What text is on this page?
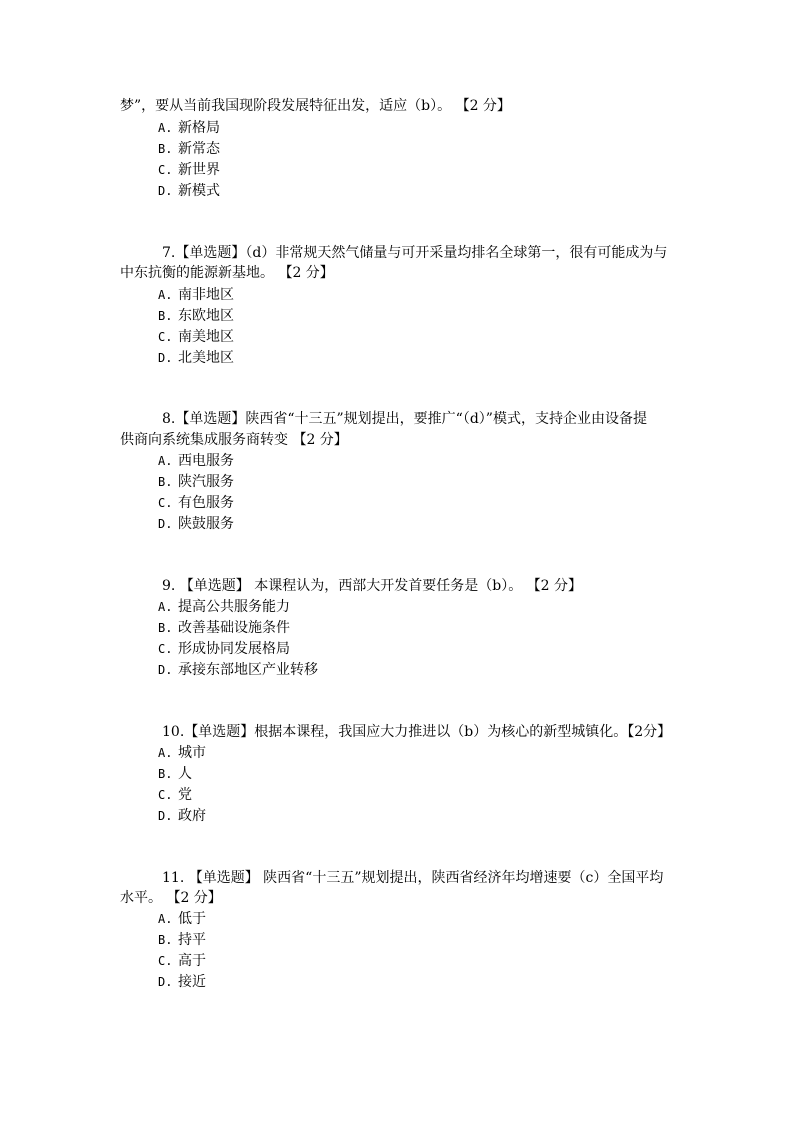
梦”，要从当前我国现阶段发展特征出发，适应（b）。 【2 分】
A. 新格局
B. 新常态
C. 新世界
D. 新模式
7.【单选题】（d）非常规天然气储量与可开采量均排名全球第一，很有可能成为与
中东抗衡的能源新基地。 【2 分】
A. 南非地区
B. 东欧地区
C. 南美地区
D. 北美地区
8.【单选题】陕西省“十三五”规划提出，要推广“（d）”模式，支持企业由设备提
供商向系统集成服务商转变 【2 分】
A. 西电服务
B. 陕汽服务
C. 有色服务
D. 陕鼓服务
9. 【单选题】 本课程认为，西部大开发首要任务是（b）。 【2 分】
A. 提高公共服务能力
B. 改善基础设施条件
C. 形成协同发展格局
D. 承接东部地区产业转移
10.【单选题】根据本课程，我国应大力推进以（b）为核心的新型城镇化。【2分】
A. 城市
B. 人
C. 党
D. 政府
11. 【单选题】 陕西省“十三五”规划提出，陕西省经济年均增速要（c）全国平均
水平。 【2 分】
A. 低于
B. 持平
C. 高于
D. 接近
